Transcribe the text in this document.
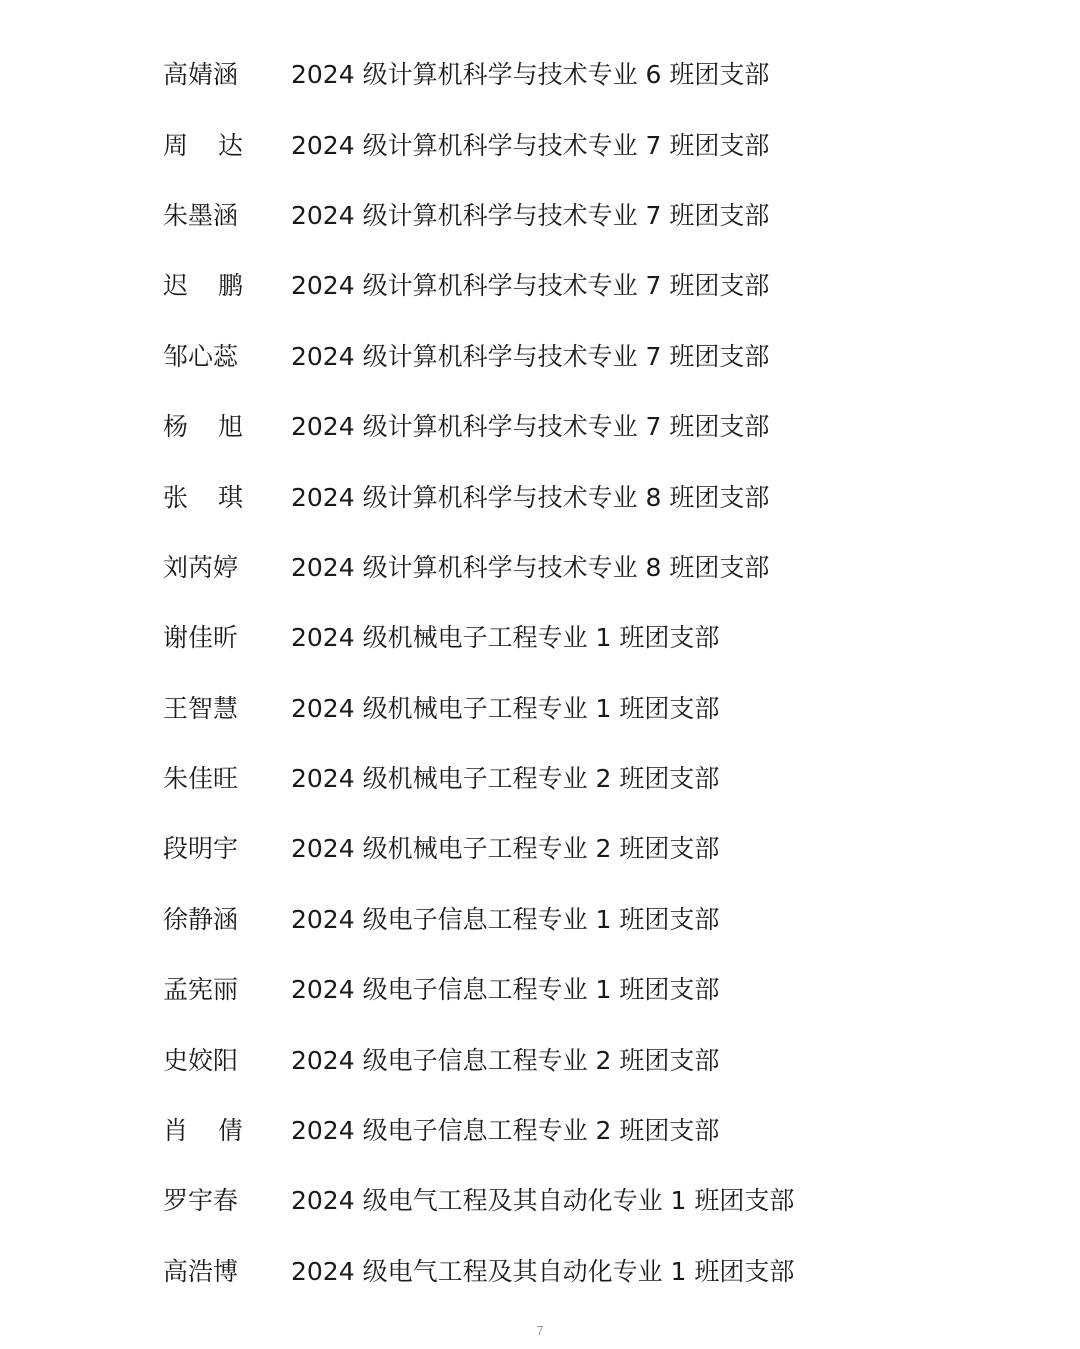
高婧涵 2024 级计算机科学与技术专业 6 班团支部
周 达 2024 级计算机科学与技术专业 7 班团支部
朱墨涵 2024 级计算机科学与技术专业 7 班团支部
迟 鹏 2024 级计算机科学与技术专业 7 班团支部
邹心蕊 2024 级计算机科学与技术专业 7 班团支部
杨 旭 2024 级计算机科学与技术专业 7 班团支部
张 琪 2024 级计算机科学与技术专业 8 班团支部
刘芮婷 2024 级计算机科学与技术专业 8 班团支部
谢佳昕 2024 级机械电子工程专业 1 班团支部
王智慧 2024 级机械电子工程专业 1 班团支部
朱佳旺 2024 级机械电子工程专业 2 班团支部
段明宇 2024 级机械电子工程专业 2 班团支部
徐静涵 2024 级电子信息工程专业 1 班团支部
孟宪丽 2024 级电子信息工程专业 1 班团支部
史姣阳 2024 级电子信息工程专业 2 班团支部
肖 倩 2024 级电子信息工程专业 2 班团支部
罗宇春 2024 级电气工程及其自动化专业 1 班团支部
高浩博 2024 级电气工程及其自动化专业 1 班团支部
7
